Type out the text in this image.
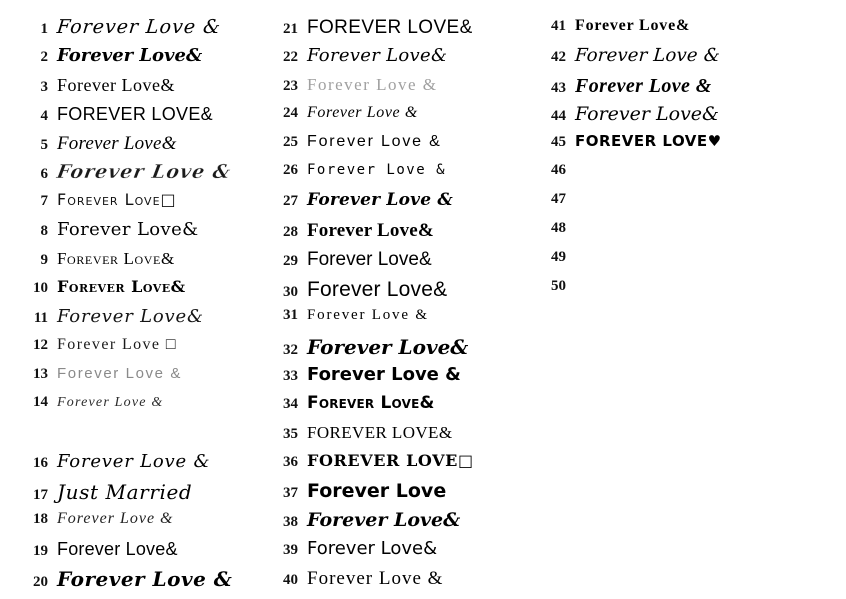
1 Forever Love &
2 Forever Love&
3 Forever Love&
4 FOREVER LOVE&
5 Forever Love&
6 Forever Love &
7 Forever Love□
8 Forever Love&
9 Forever Love&
10 Forever Love&
11 Forever Love&
12 Forever Love □
13 Forever Love &
14 Forever Love &
16 Forever Love &
17 Just Married
18 Forever Love &
19 Forever Love&
20 Forever Love &
21 FOREVER LOVE&
22 Forever Love&
23 Forever Love &
24 Forever Love &
25 Forever Love &
26 Forever Love &
27 Forever Love &
28 Forever Love&
29 Forever Love&
30 Forever Love&
31 Forever Love &
32 Forever Love&
33 Forever Love &
34 Forever Love&
35 FOREVER LOVE&
36 FOREVER LOVE□
37 Forever Love
38 Forever Love&
39 Forever Love&
40 Forever Love &
41 Forever Love&
42 Forever Love &
43 Forever Love &
44 Forever Love&
45 FOREVER LOVE♥
46
47
48
49
50
